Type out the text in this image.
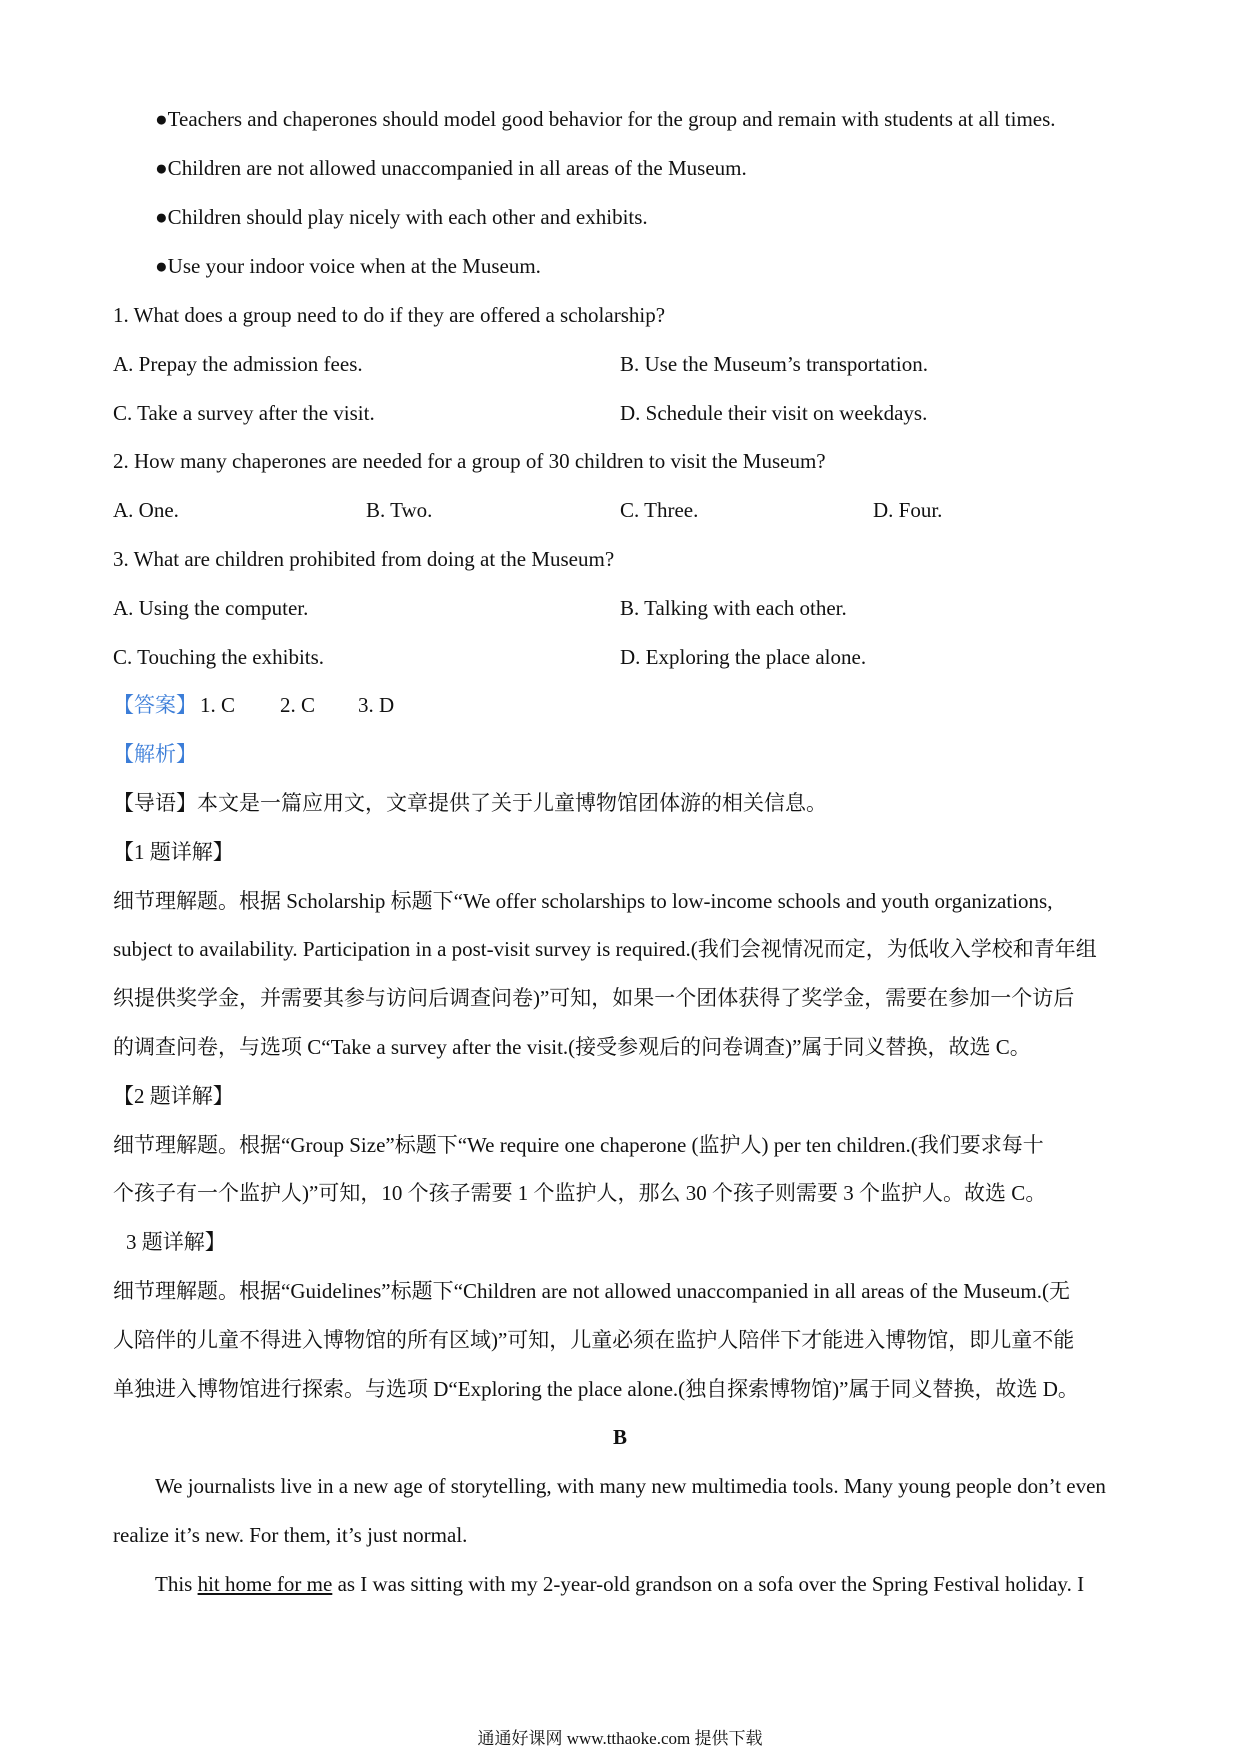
●Teachers and chaperones should model good behavior for the group and remain with students at all times.
●Children are not allowed unaccompanied in all areas of the Museum.
●Children should play nicely with each other and exhibits.
●Use your indoor voice when at the Museum.
1. What does a group need to do if they are offered a scholarship?
A. Prepay the admission fees.	B. Use the Museum’s transportation.
C. Take a survey after the visit.	D. Schedule their visit on weekdays.
2. How many chaperones are needed for a group of 30 children to visit the Museum?
A. One.	B. Two.	C. Three.	D. Four.
3. What are children prohibited from doing at the Museum?
A. Using the computer.	B. Talking with each other.
C. Touching the exhibits.	D. Exploring the place alone.
【答案】 1. C 2. C 3. D
【解析】
【导语】本文是一篇应用文，文章提供了关于儿童博物馆团体游的相关信息。
【1 题详解】
细节理解题。根据 Scholarship 标题下“We offer scholarships to low-income schools and youth organizations,
subject to availability. Participation in a post-visit survey is required.(我们会视情况而定，为低收入学校和青年组
织提供奖学金，并需要其参与访问后调查问卷)”可知，如果一个团体获得了奖学金，需要在参加一个访后
的调查问卷，与选项 C“Take a survey after the visit.(接受参观后的问卷调查)”属于同义替换，故选 C。
【2 题详解】
细节理解题。根据“Group Size”标题下“We require one chaperone (监护人) per ten children.(我们要求每十
个孩子有一个监护人)”可知，10 个孩子需要 1 个监护人，那么 30 个孩子则需要 3 个监护人。故选 C。
3 题详解】
细节理解题。根据“Guidelines”标题下“Children are not allowed unaccompanied in all areas of the Museum.(无
人陪伴的儿童不得进入博物馆的所有区域)”可知，儿童必须在监护人陪伴下才能进入博物馆，即儿童不能
单独进入博物馆进行探索。与选项 D“Exploring the place alone.(独自探索博物馆)”属于同义替换，故选 D。
B
We journalists live in a new age of storytelling, with many new multimedia tools. Many young people don’t even
realize it’s new. For them, it’s just normal.
This hit home for me as I was sitting with my 2-year-old grandson on a sofa over the Spring Festival holiday. I
通通好课网 www.tthaoke.com 提供下载
